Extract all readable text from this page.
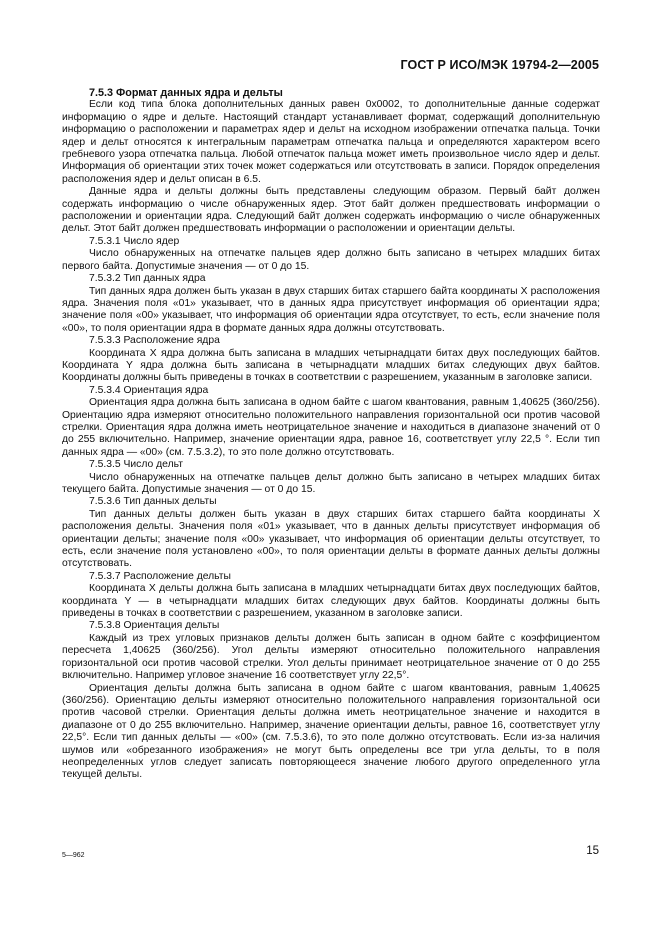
ГОСТ Р ИСО/МЭК 19794-2—2005

7.5.3 Формат данных ядра и дельты

Если код типа блока дополнительных данных равен 0x0002, то дополнительные данные содержат информацию о ядре и дельте. Настоящий стандарт устанавливает формат, содержащий дополнительную информацию о расположении и параметрах ядер и дельт на исходном изображении отпечатка пальца. Точки ядер и дельт относятся к интегральным параметрам отпечатка пальца и определяются характером всего гребневого узора отпечатка пальца. Любой отпечаток пальца может иметь произвольное число ядер и дельт. Информация об ориентации этих точек может содержаться или отсутствовать в записи. Порядок определения расположения ядер и дельт описан в 6.5.

Данные ядра и дельты должны быть представлены следующим образом. Первый байт должен содержать информацию о числе обнаруженных ядер. Этот байт должен предшествовать информации о расположении и ориентации ядра. Следующий байт должен содержать информацию о числе обнаруженных дельт. Этот байт должен предшествовать информации о расположении и ориентации дельты.

7.5.3.1 Число ядер

Число обнаруженных на отпечатке пальцев ядер должно быть записано в четырех младших битах первого байта. Допустимые значения — от 0 до 15.

7.5.3.2 Тип данных ядра

Тип данных ядра должен быть указан в двух старших битах старшего байта координаты X расположения ядра. Значения поля «01» указывает, что в данных ядра присутствует информация об ориентации ядра; значение поля «00» указывает, что информация об ориентации ядра отсутствует, то есть, если значение поля «00», то поля ориентации ядра в формате данных ядра должны отсутствовать.

7.5.3.3 Расположение ядра

Координата X ядра должна быть записана в младших четырнадцати битах двух последующих байтов. Координата Y ядра должна быть записана в четырнадцати младших битах следующих двух байтов. Координаты должны быть приведены в точках в соответствии с разрешением, указанным в заголовке записи.

7.5.3.4 Ориентация ядра

Ориентация ядра должна быть записана в одном байте с шагом квантования, равным 1,40625 (360/256). Ориентацию ядра измеряют относительно положительного направления горизонтальной оси против часовой стрелки. Ориентация ядра должна иметь неотрицательное значение и находиться в диапазоне значений от 0 до 255 включительно. Например, значение ориентации ядра, равное 16, соответствует углу 22,5 °. Если тип данных ядра — «00» (см. 7.5.3.2), то это поле должно отсутствовать.

7.5.3.5 Число дельт

Число обнаруженных на отпечатке пальцев дельт должно быть записано в четырех младших битах текущего байта. Допустимые значения — от 0 до 15.

7.5.3.6 Тип данных дельты

Тип данных дельты должен быть указан в двух старших битах старшего байта координаты X расположения дельты. Значения поля «01» указывает, что в данных дельты присутствует информация об ориентации дельты; значение поля «00» указывает, что информация об ориентации дельты отсутствует, то есть, если значение поля установлено «00», то поля ориентации дельты в формате данных дельты должны отсутствовать.

7.5.3.7 Расположение дельты

Координата X дельты должна быть записана в младших четырнадцати битах двух последующих байтов, координата Y — в четырнадцати младших битах следующих двух байтов. Координаты должны быть приведены в точках в соответствии с разрешением, указанном в заголовке записи.

7.5.3.8 Ориентация дельты

Каждый из трех угловых признаков дельты должен быть записан в одном байте с коэффициентом пересчета 1,40625 (360/256). Угол дельты измеряют относительно положительного направления горизонтальной оси против часовой стрелки. Угол дельты принимает неотрицательное значение от 0 до 255 включительно. Например угловое значение 16 соответствует углу 22,5°.

Ориентация дельты должна быть записана в одном байте с шагом квантования, равным 1,40625 (360/256). Ориентацию дельты измеряют относительно положительного направления горизонтальной оси против часовой стрелки. Ориентация дельты должна иметь неотрицательное значение и находится в диапазоне от 0 до 255 включительно. Например, значение ориентации дельты, равное 16, соответствует углу 22,5°. Если тип данных дельты — «00» (см. 7.5.3.6), то это поле должно отсутствовать. Если из-за наличия шумов или «обрезанного изображения» не могут быть определены все три угла дельты, то в поля неопределенных углов следует записать повторяющееся значение любого другого определенного угла текущей дельты.

5—962	15
